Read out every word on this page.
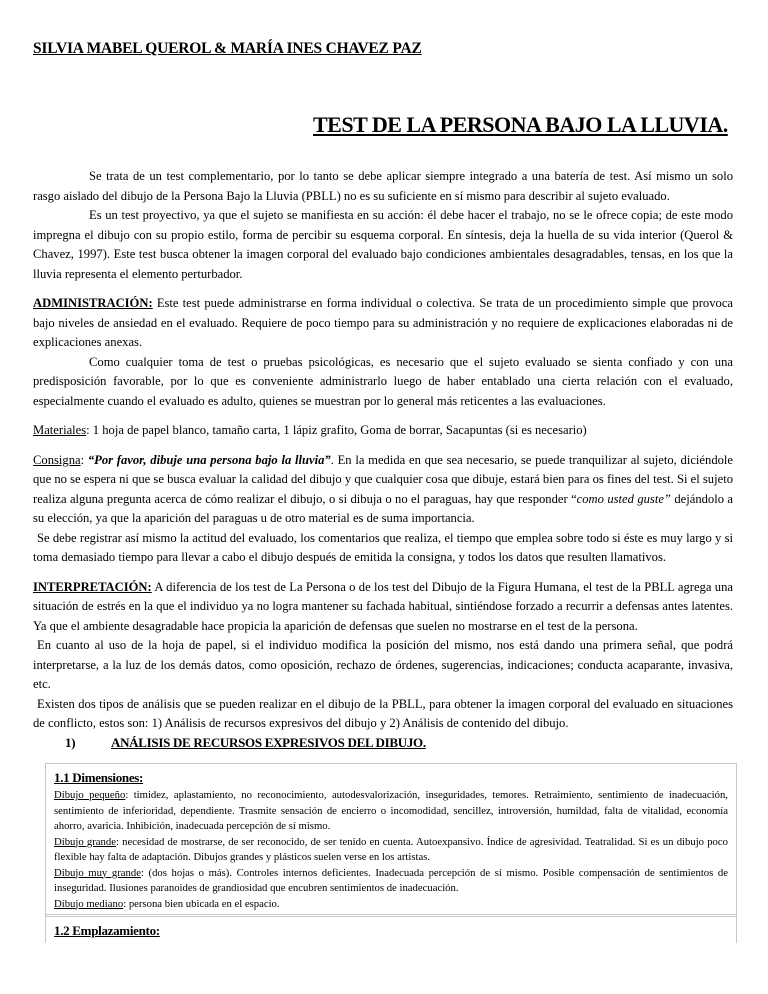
SILVIA MABEL QUEROL & MARÍA INES CHAVEZ PAZ
TEST DE LA PERSONA BAJO LA LLUVIA.

Se trata de un test complementario, por lo tanto se debe aplicar siempre integrado a una batería de test. Así mismo un solo rasgo aislado del dibujo de la Persona Bajo la Lluvia (PBLL) no es su suficiente en sí mismo para describir al sujeto evaluado.

Es un test proyectivo, ya que el sujeto se manifiesta en su acción: él debe hacer el trabajo, no se le ofrece copia; de este modo impregna el dibujo con su propio estilo, forma de percibir su esquema corporal. En síntesis, deja la huella de su vida interior (Querol & Chavez, 1997). Este test busca obtener la imagen corporal del evaluado bajo condiciones ambientales desagradables, tensas, en los que la lluvia representa el elemento perturbador.

ADMINISTRACIÓN: Este test puede administrarse en forma individual o colectiva. Se trata de un procedimiento simple que provoca bajo niveles de ansiedad en el evaluado. Requiere de poco tiempo para su administración y no requiere de explicaciones elaboradas ni de explicaciones anexas.

Como cualquier toma de test o pruebas psicológicas, es necesario que el sujeto evaluado se sienta confiado y con una predisposición favorable, por lo que es conveniente administrarlo luego de haber entablado una cierta relación con el evaluado, especialmente cuando el evaluado es adulto, quienes se muestran por lo general más reticentes a las evaluaciones.

Materiales: 1 hoja de papel blanco, tamaño carta, 1 lápiz grafito, Goma de borrar, Sacapuntas (si es necesario)

Consigna: “Por favor, dibuje una persona bajo la lluvia”. En la medida en que sea necesario, se puede tranquilizar al sujeto, diciéndole que no se espera ni que se busca evaluar la calidad del dibujo y que cualquier cosa que dibuje, estará bien para os fines del test. Si el sujeto realiza alguna pregunta acerca de cómo realizar el dibujo, o si dibuja o no el paraguas, hay que responder “como usted guste” dejándolo a su elección, ya que la aparición del paraguas u de otro material es de suma importancia.

Se debe registrar así mismo la actitud del evaluado, los comentarios que realiza, el tiempo que emplea sobre todo si éste es muy largo y si toma demasiado tiempo para llevar a cabo el dibujo después de emitida la consigna, y todos los datos que resulten llamativos.

INTERPRETACIÓN: A diferencia de los test de La Persona o de los test del Dibujo de la Figura Humana, el test de la PBLL agrega una situación de estrés en la que el individuo ya no logra mantener su fachada habitual, sintiéndose forzado a recurrir a defensas antes latentes. Ya que el ambiente desagradable hace propicia la aparición de defensas que suelen no mostrarse en el test de la persona.

En cuanto al uso de la hoja de papel, si el individuo modifica la posición del mismo, nos está dando una primera señal, que podrá interpretarse, a la luz de los demás datos, como oposición, rechazo de órdenes, sugerencias, indicaciones; conducta acaparante, invasiva, etc.

Existen dos tipos de análisis que se pueden realizar en el dibujo de la PBLL, para obtener la imagen corporal del evaluado en situaciones de conflicto, estos son: 1) Análisis de recursos expresivos del dibujo y 2) Análisis de contenido del dibujo.

1)	ANÁLISIS DE RECURSOS EXPRESIVOS DEL DIBUJO.
1.1 Dimensiones:

Dibujo pequeño: timidez, aplastamiento, no reconocimiento, autodesvalorización, inseguridades, temores. Retraimiento, sentimiento de inadecuación, sentimiento de inferioridad, dependiente. Trasmite sensación de encierro o incomodidad, sencillez, introversión, humildad, falta de vitalidad, economía ahorro, avaricia. Inhibición, inadecuada percepción de sí mismo.

Dibujo grande: necesidad de mostrarse, de ser reconocido, de ser tenido en cuenta. Autoexpansivo. Índice de agresividad. Teatralidad. Si es un dibujo poco flexible hay falta de adaptación. Dibujos grandes y plásticos suelen verse en los artistas.

Dibujo muy grande: (dos hojas o más). Controles internos deficientes. Inadecuada percepción de sí mismo. Posible compensación de sentimientos de inseguridad. Ilusiones paranoides de grandiosidad que encubren sentimientos de inadecuación.

Dibujo mediano: persona bien ubicada en el espacio.

1.2 Emplazamiento:
